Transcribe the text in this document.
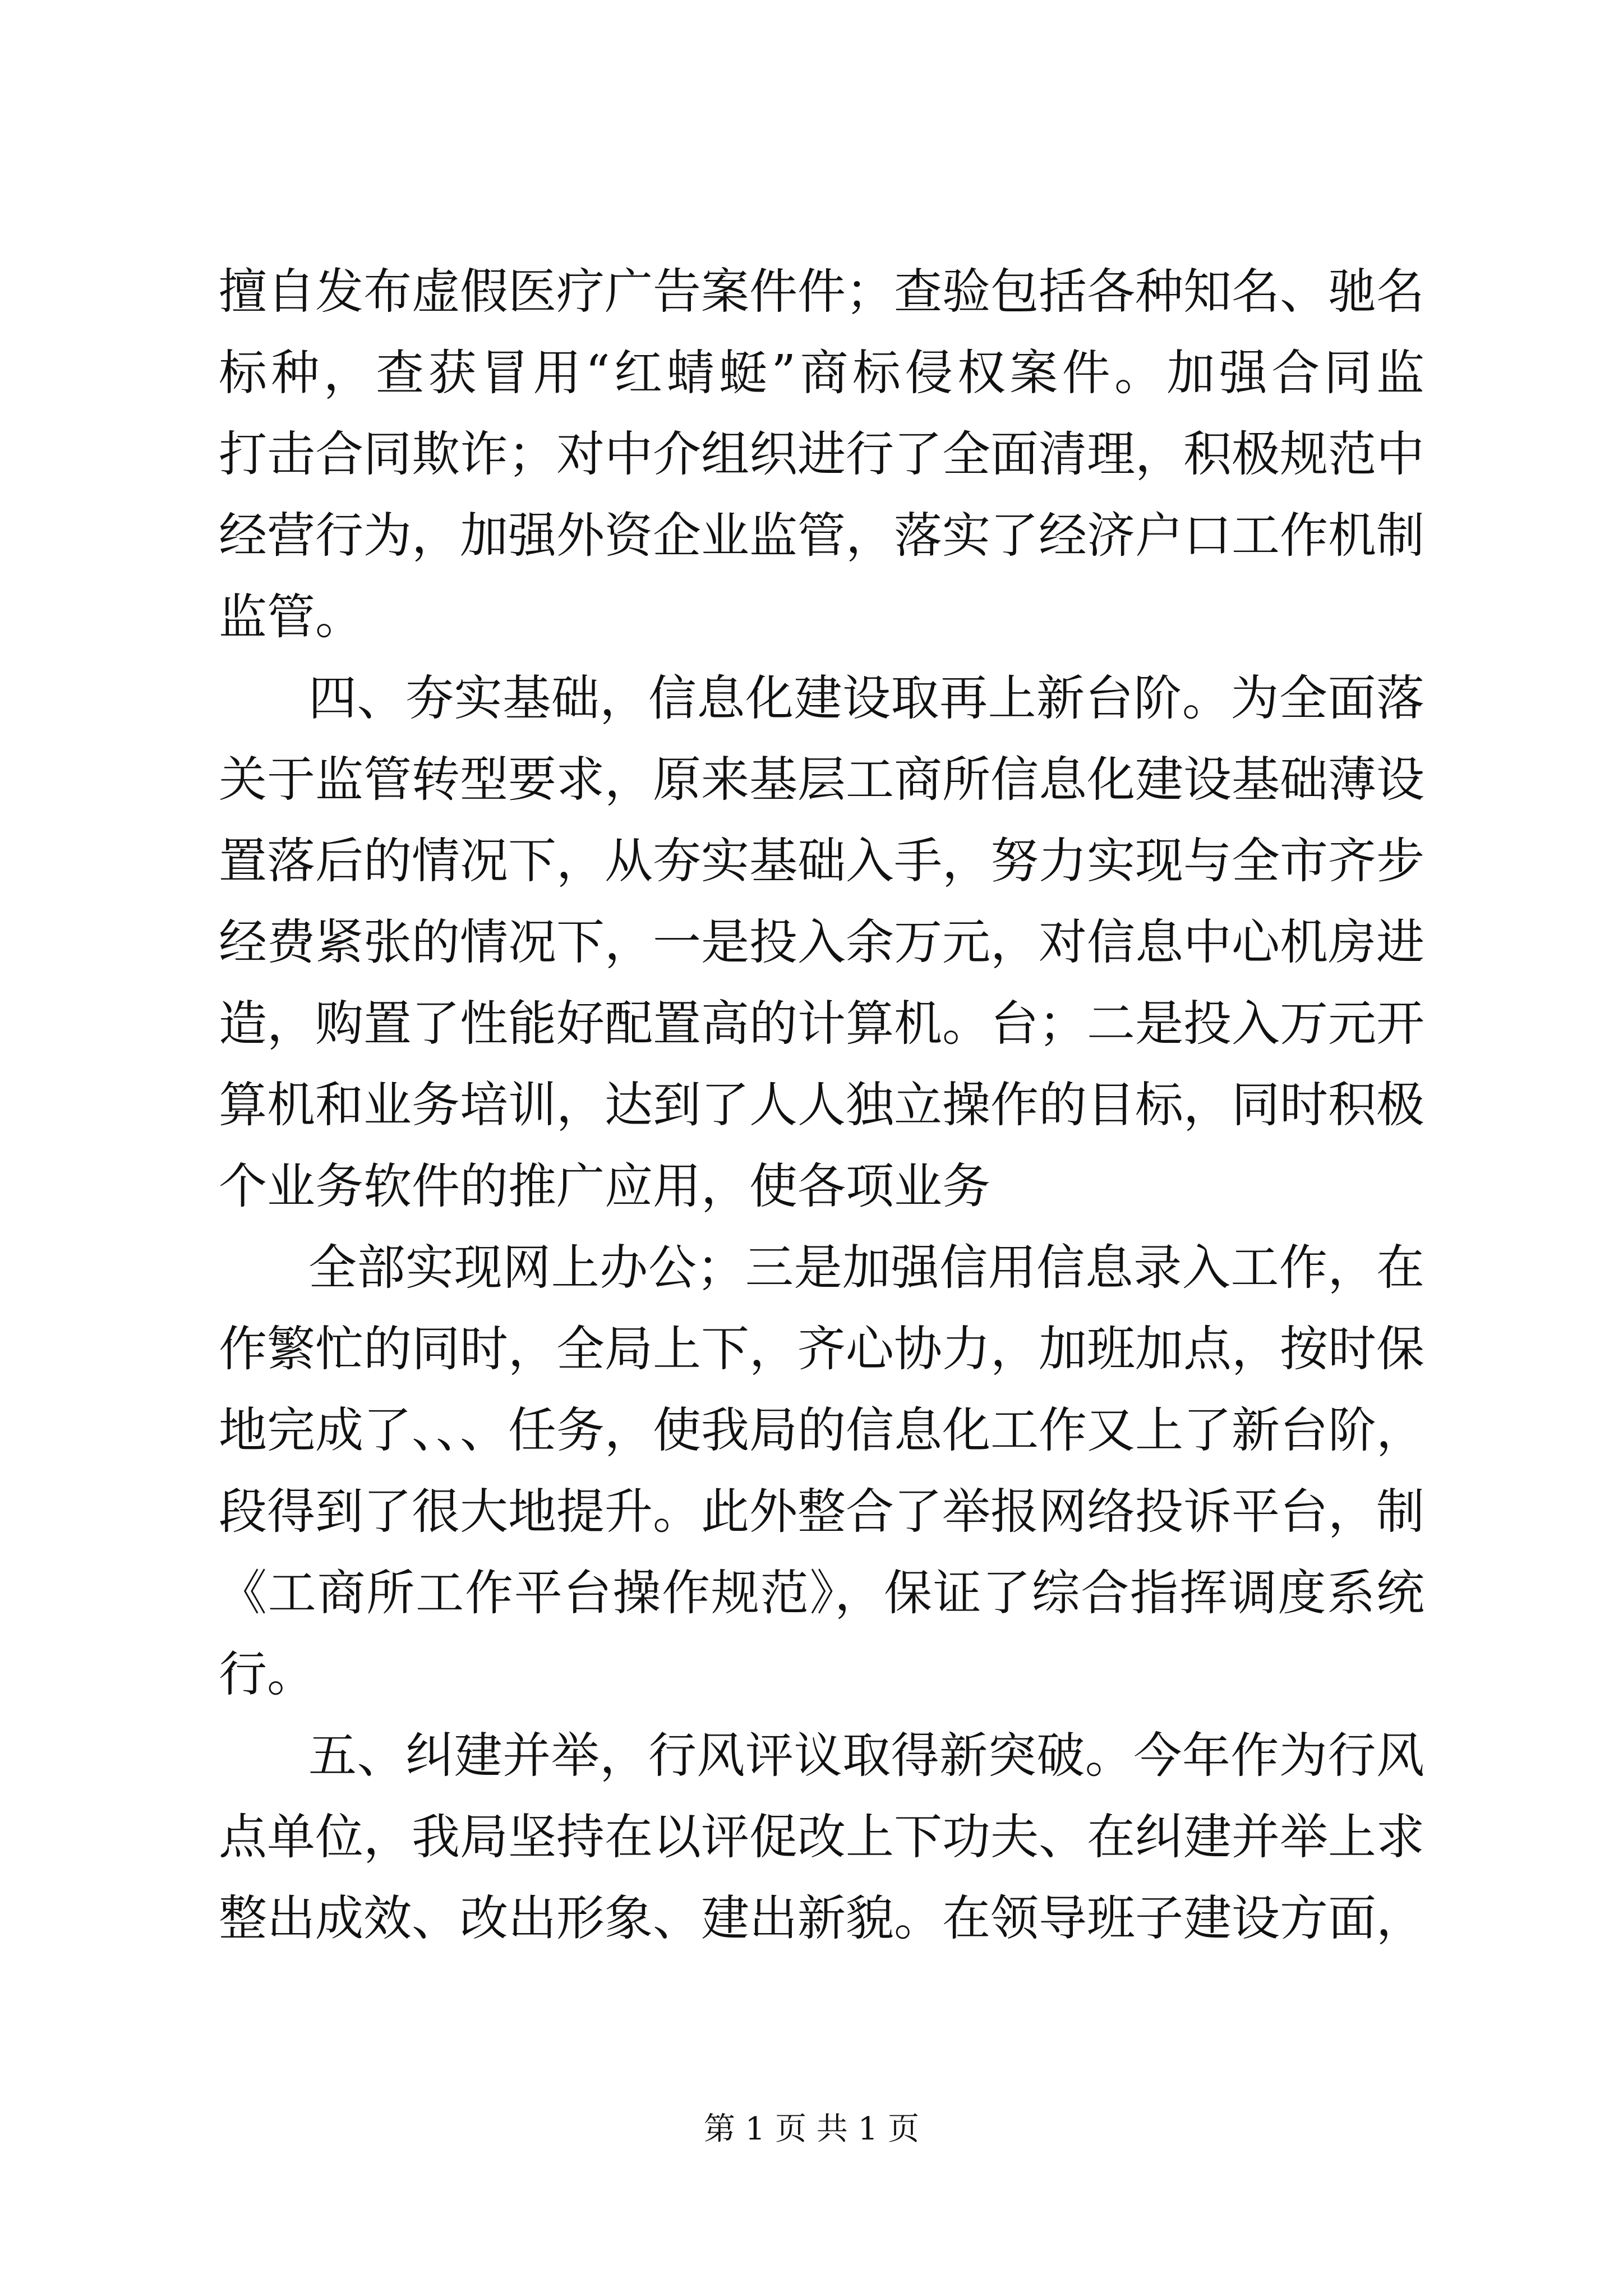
擅自发布虚假医疗广告案件件；查验包括各种知名、驰名
标种，查获冒用“红蜻蜓”商标侵权案件。加强合同监
打击合同欺诈；对中介组织进行了全面清理，积极规范中
经营行为，加强外资企业监管，落实了经济户口工作机制
监管。
四、夯实基础，信息化建设取再上新台阶。为全面落
关于监管转型要求，原来基层工商所信息化建设基础薄设
置落后的情况下，从夯实基础入手，努力实现与全市齐步
经费紧张的情况下，一是投入余万元，对信息中心机房进
造，购置了性能好配置高的计算机。台；二是投入万元开
算机和业务培训，达到了人人独立操作的目标，同时积极
个业务软件的推广应用，使各项业务
全部实现网上办公；三是加强信用信息录入工作，在
作繁忙的同时，全局上下，齐心协力，加班加点，按时保
地完成了、、、任务，使我局的信息化工作又上了新台阶，
段得到了很大地提升。此外整合了举报网络投诉平台，制
《工商所工作平台操作规范》，保证了综合指挥调度系统
行。
五、纠建并举，行风评议取得新突破。今年作为行风
点单位，我局坚持在以评促改上下功夫、在纠建并举上求
整出成效、改出形象、建出新貌。在领导班子建设方面，
第 1 页 共 1 页
